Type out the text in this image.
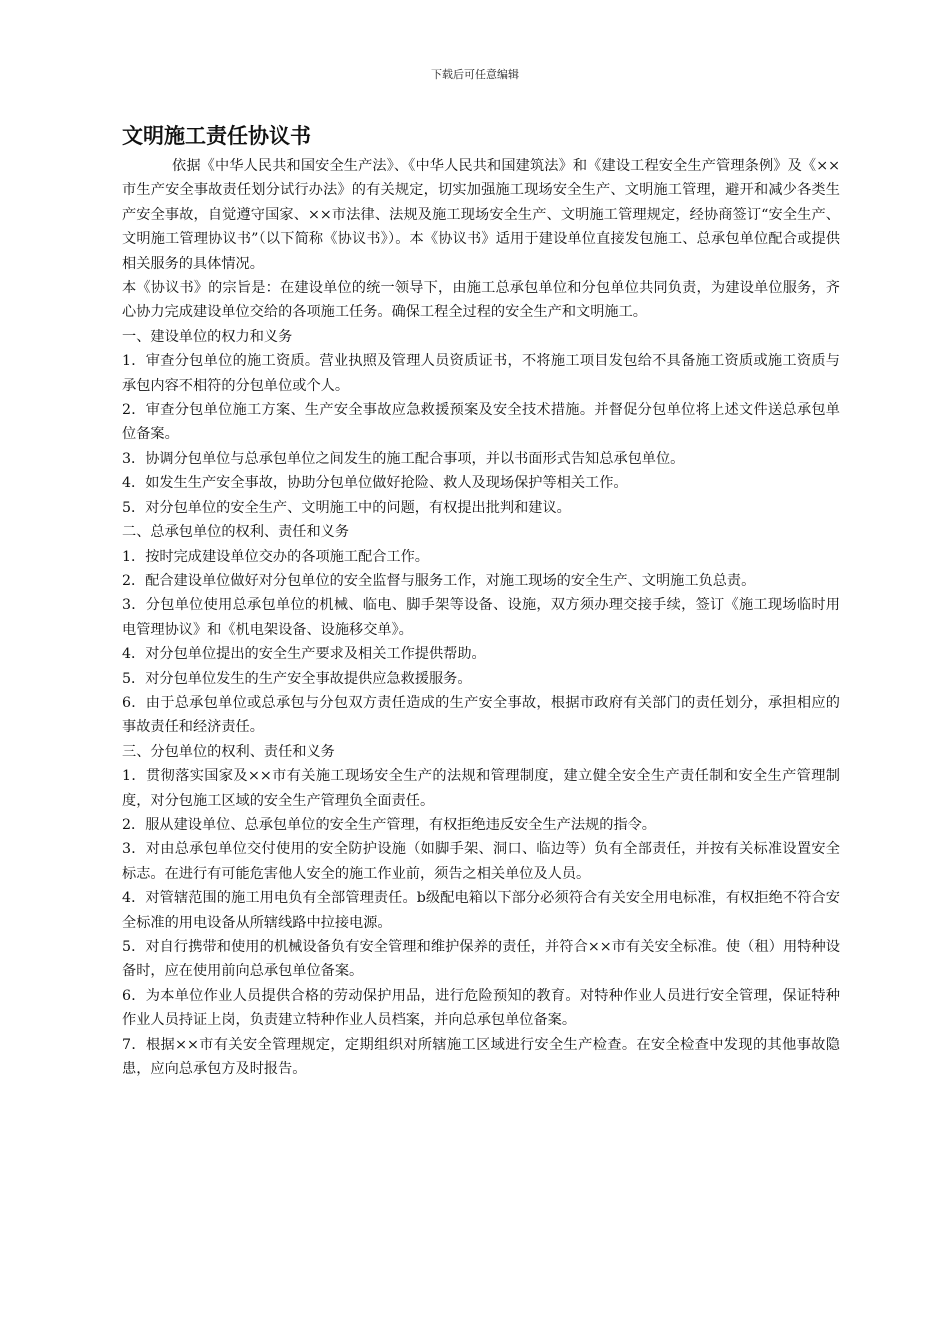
下载后可任意编辑
文明施工责任协议书

依据《中华人民共和国安全生产法》、《中华人民共和国建筑法》和《建设工程安全生产管理条例》及《××市生产安全事故责任划分试行办法》的有关规定，切实加强施工现场安全生产、文明施工管理，避开和减少各类生产安全事故，自觉遵守国家、××市法律、法规及施工现场安全生产、文明施工管理规定，经协商签订“安全生产、文明施工管理协议书”（以下简称《协议书》）。本《协议书》适用于建设单位直接发包施工、总承包单位配合或提供相关服务的具体情况。

本《协议书》的宗旨是：在建设单位的统一领导下，由施工总承包单位和分包单位共同负责，为建设单位服务，齐心协力完成建设单位交给的各项施工任务。确保工程全过程的安全生产和文明施工。

一、建设单位的权力和义务

1．审查分包单位的施工资质。营业执照及管理人员资质证书，不将施工项目发包给不具备施工资质或施工资质与承包内容不相符的分包单位或个人。

2．审查分包单位施工方案、生产安全事故应急救援预案及安全技术措施。并督促分包单位将上述文件送总承包单位备案。

3．协调分包单位与总承包单位之间发生的施工配合事项，并以书面形式告知总承包单位。

4．如发生生产安全事故，协助分包单位做好抢险、救人及现场保护等相关工作。

5．对分包单位的安全生产、文明施工中的问题，有权提出批判和建议。

二、总承包单位的权利、责任和义务

1．按时完成建设单位交办的各项施工配合工作。

2．配合建设单位做好对分包单位的安全监督与服务工作，对施工现场的安全生产、文明施工负总责。

3．分包单位使用总承包单位的机械、临电、脚手架等设备、设施，双方须办理交接手续，签订《施工现场临时用电管理协议》和《机电架设备、设施移交单》。

4．对分包单位提出的安全生产要求及相关工作提供帮助。

5．对分包单位发生的生产安全事故提供应急救援服务。

6．由于总承包单位或总承包与分包双方责任造成的生产安全事故，根据市政府有关部门的责任划分，承担相应的事故责任和经济责任。

三、分包单位的权利、责任和义务

1．贯彻落实国家及××市有关施工现场安全生产的法规和管理制度，建立健全安全生产责任制和安全生产管理制度，对分包施工区域的安全生产管理负全面责任。

2．服从建设单位、总承包单位的安全生产管理，有权拒绝违反安全生产法规的指令。

3．对由总承包单位交付使用的安全防护设施（如脚手架、洞口、临边等）负有全部责任，并按有关标准设置安全标志。在进行有可能危害他人安全的施工作业前，须告之相关单位及人员。

4．对管辖范围的施工用电负有全部管理责任。b级配电箱以下部分必须符合有关安全用电标准，有权拒绝不符合安全标准的用电设备从所辖线路中拉接电源。

5．对自行携带和使用的机械设备负有安全管理和维护保养的责任，并符合××市有关安全标准。使（租）用特种设备时，应在使用前向总承包单位备案。

6．为本单位作业人员提供合格的劳动保护用品，进行危险预知的教育。对特种作业人员进行安全管理，保证特种作业人员持证上岗，负责建立特种作业人员档案，并向总承包单位备案。

7．根据××市有关安全管理规定，定期组织对所辖施工区域进行安全生产检查。在安全检查中发现的其他事故隐患，应向总承包方及时报告。
